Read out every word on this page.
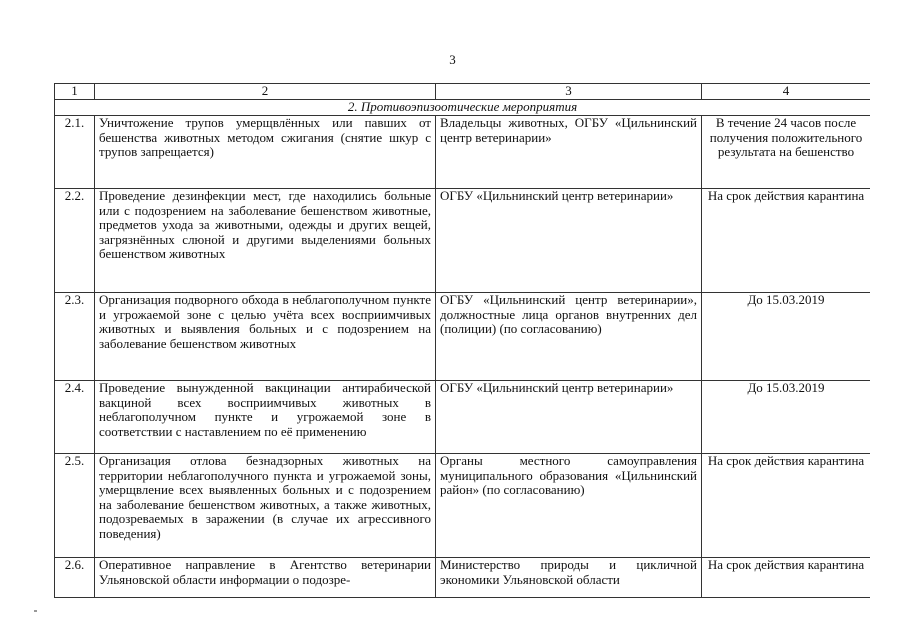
3
1	2	3	4
2. Противоэпизоотические мероприятия			
2.1.	Уничтожение трупов умерщвлённых или павших от бешенства животных методом сжигания (снятие шкур с трупов запрещается)	Владельцы животных, ОГБУ «Цильнинский центр ветеринарии»	В течение 24 часов после получения положительного результата на бешенство
2.2.	Проведение дезинфекции мест, где находились больные или с подозрением на заболевание бешенством животные, предметов ухода за животными, одежды и других вещей, загрязнённых слюной и другими выделениями больных бешенством животных	ОГБУ «Цильнинский центр ветеринарии»	На срок действия карантина
2.3.	Организация подворного обхода в неблагополучном пункте и угрожаемой зоне с целью учёта всех восприимчивых животных и выявления больных и с подозрением на заболевание бешенством животных	ОГБУ «Цильнинский центр ветеринарии», должностные лица органов внутренних дел (полиции) (по согласованию)	До 15.03.2019
2.4.	Проведение вынужденной вакцинации антирабической вакциной всех восприимчивых животных в неблагополучном пункте и угрожаемой зоне в соответствии с наставлением по её применению	ОГБУ «Цильнинский центр ветеринарии»	До 15.03.2019
2.5.	Организация отлова безнадзорных животных на территории неблагополучного пункта и угрожаемой зоны, умерщвление всех выявленных больных и с подозрением на заболевание бешенством животных, а также животных, подозреваемых в заражении (в случае их агрессивного поведения)	Органы местного самоуправления муниципального образования «Цильнинский район» (по согласованию)	На срок действия карантина
2.6.	Оперативное направление в Агентство ветеринарии Ульяновской области информации о подозре-	Министерство природы и цикличной экономики Ульяновской области	На срок действия карантина
